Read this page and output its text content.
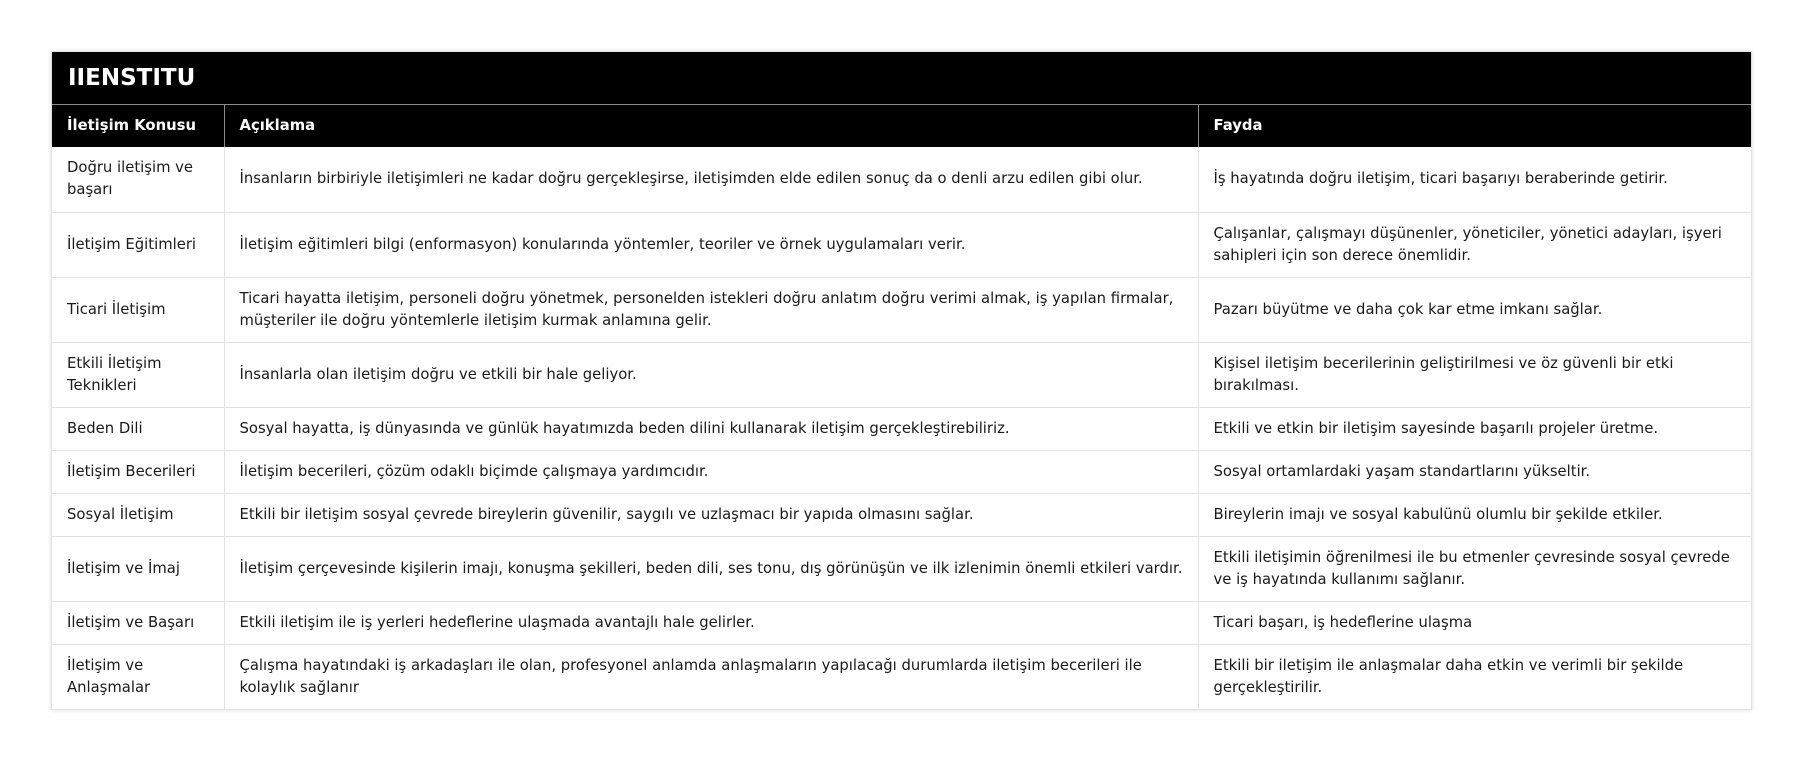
IIENSTITU
İletişim Konusu	Açıklama	Fayda
Doğru iletişim ve başarı	İnsanların birbiriyle iletişimleri ne kadar doğru gerçekleşirse, iletişimden elde edilen sonuç da o denli arzu edilen gibi olur.	İş hayatında doğru iletişim, ticari başarıyı beraberinde getirir.
İletişim Eğitimleri	İletişim eğitimleri bilgi (enformasyon) konularında yöntemler, teoriler ve örnek uygulamaları verir.	Çalışanlar, çalışmayı düşünenler, yöneticiler, yönetici adayları, işyeri sahipleri için son derece önemlidir.
Ticari İletişim	Ticari hayatta iletişim, personeli doğru yönetmek, personelden istekleri doğru anlatım doğru verimi almak, iş yapılan firmalar, müşteriler ile doğru yöntemlerle iletişim kurmak anlamına gelir.	Pazarı büyütme ve daha çok kar etme imkanı sağlar.
Etkili İletişim Teknikleri	İnsanlarla olan iletişim doğru ve etkili bir hale geliyor.	Kişisel iletişim becerilerinin geliştirilmesi ve öz güvenli bir etki bırakılması.
Beden Dili	Sosyal hayatta, iş dünyasında ve günlük hayatımızda beden dilini kullanarak iletişim gerçekleştirebiliriz.	Etkili ve etkin bir iletişim sayesinde başarılı projeler üretme.
İletişim Becerileri	İletişim becerileri, çözüm odaklı biçimde çalışmaya yardımcıdır.	Sosyal ortamlardaki yaşam standartlarını yükseltir.
Sosyal İletişim	Etkili bir iletişim sosyal çevrede bireylerin güvenilir, saygılı ve uzlaşmacı bir yapıda olmasını sağlar.	Bireylerin imajı ve sosyal kabulünü olumlu bir şekilde etkiler.
İletişim ve İmaj	İletişim çerçevesinde kişilerin imajı, konuşma şekilleri, beden dili, ses tonu, dış görünüşün ve ilk izlenimin önemli etkileri vardır.	Etkili iletişimin öğrenilmesi ile bu etmenler çevresinde sosyal çevrede ve iş hayatında kullanımı sağlanır.
İletişim ve Başarı	Etkili iletişim ile iş yerleri hedeflerine ulaşmada avantajlı hale gelirler.	Ticari başarı, iş hedeflerine ulaşma
İletişim ve Anlaşmalar	Çalışma hayatındaki iş arkadaşları ile olan, profesyonel anlamda anlaşmaların yapılacağı durumlarda iletişim becerileri ile kolaylık sağlanır	Etkili bir iletişim ile anlaşmalar daha etkin ve verimli bir şekilde gerçekleştirilir.
